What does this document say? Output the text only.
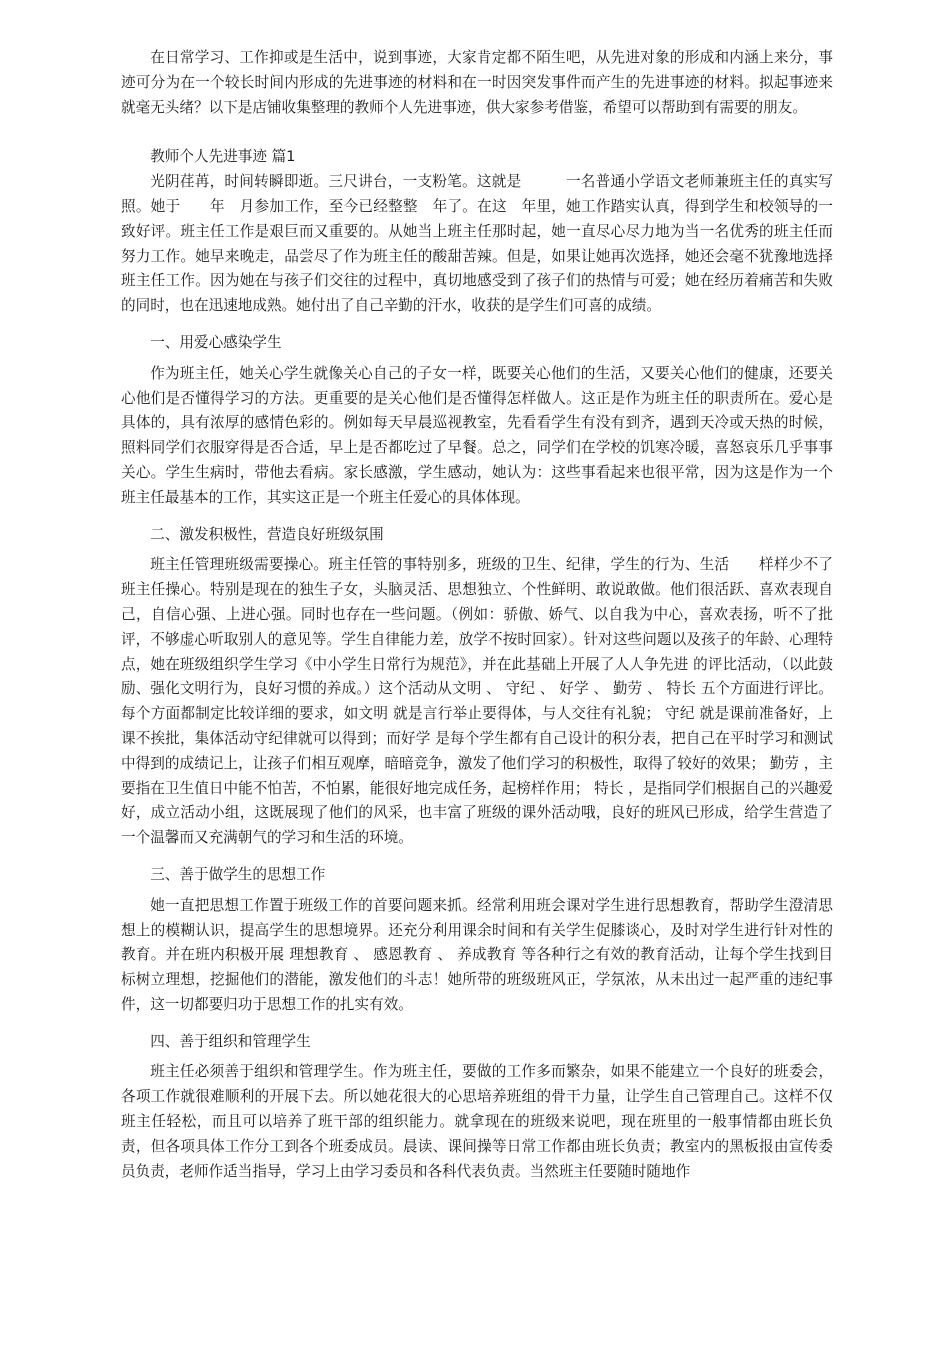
在日常学习、工作抑或是生活中，说到事迹，大家肯定都不陌生吧，从先进对象的形成和内涵上来分，事迹可分为在一个较长时间内形成的先进事迹的材料和在一时因突发事件而产生的先进事迹的材料。拟起事迹来就毫无头绪？以下是店铺收集整理的教师个人先进事迹，供大家参考借鉴，希望可以帮助到有需要的朋友。

教师个人先进事迹 篇1

光阴荏苒，时间转瞬即逝。三尺讲台，一支粉笔。这就是　　　一名普通小学语文老师兼班主任的真实写照。她于　　年　月参加工作，至今已经整整　年了。在这　年里，她工作踏实认真，得到学生和校领导的一致好评。班主任工作是艰巨而又重要的。从她当上班主任那时起，她一直尽心尽力地为当一名优秀的班主任而努力工作。她早来晚走，品尝尽了作为班主任的酸甜苦辣。但是，如果让她再次选择，她还会毫不犹豫地选择班主任工作。因为她在与孩子们交往的过程中，真切地感受到了孩子们的热情与可爱；她在经历着痛苦和失败的同时，也在迅速地成熟。她付出了自己辛勤的汗水，收获的是学生们可喜的成绩。

一、用爱心感染学生

作为班主任，她关心学生就像关心自己的子女一样，既要关心他们的生活，又要关心他们的健康，还要关心他们是否懂得学习的方法。更重要的是关心他们是否懂得怎样做人。这正是作为班主任的职责所在。爱心是具体的，具有浓厚的感情色彩的。例如每天早晨巡视教室，先看看学生有没有到齐，遇到天冷或天热的时候，照料同学们衣服穿得是否合适，早上是否都吃过了早餐。总之，同学们在学校的饥寒冷暖，喜怒哀乐几乎事事关心。学生生病时，带他去看病。家长感激，学生感动，她认为：这些事看起来也很平常，因为这是作为一个班主任最基本的工作，其实这正是一个班主任爱心的具体体现。

二、激发积极性，营造良好班级氛围

班主任管理班级需要操心。班主任管的事特别多，班级的卫生、纪律，学生的行为、生活　　样样少不了班主任操心。特别是现在的独生子女，头脑灵活、思想独立、个性鲜明、敢说敢做。他们很活跃、喜欢表现自己，自信心强、上进心强。同时也存在一些问题。（例如：骄傲、娇气、以自我为中心，喜欢表扬，听不了批评，不够虚心听取别人的意见等。学生自律能力差，放学不按时回家）。针对这些问题以及孩子的年龄、心理特点，她在班级组织学生学习《中小学生日常行为规范》，并在此基础上开展了人人争先进 的评比活动，（以此鼓励、强化文明行为，良好习惯的养成。）这个活动从文明 、 守纪 、 好学 、 勤劳 、 特长 五个方面进行评比。每个方面都制定比较详细的要求，如文明 就是言行举止要得体，与人交往有礼貌； 守纪 就是课前准备好，上课不挨批，集体活动守纪律就可以得到；而好学 是每个学生都有自己设计的积分表，把自己在平时学习和测试中得到的成绩记上，让孩子们相互观摩，暗暗竞争，激发了他们学习的积极性，取得了较好的效果； 勤劳 ，主要指在卫生值日中能不怕苦，不怕累，能很好地完成任务，起榜样作用； 特长 ，是指同学们根据自己的兴趣爱好，成立活动小组，这既展现了他们的风采，也丰富了班级的课外活动哦，良好的班风已形成，给学生营造了一个温馨而又充满朝气的学习和生活的环境。

三、善于做学生的思想工作

她一直把思想工作置于班级工作的首要问题来抓。经常利用班会课对学生进行思想教育，帮助学生澄清思想上的模糊认识，提高学生的思想境界。还充分利用课余时间和有关学生促膝谈心，及时对学生进行针对性的教育。并在班内积极开展 理想教育 、 感恩教育 、 养成教育 等各种行之有效的教育活动，让每个学生找到目标树立理想，挖掘他们的潜能，激发他们的斗志！她所带的班级班风正，学氛浓，从未出过一起严重的违纪事件，这一切都要归功于思想工作的扎实有效。

四、善于组织和管理学生

班主任必须善于组织和管理学生。作为班主任，要做的工作多而繁杂，如果不能建立一个良好的班委会，各项工作就很难顺利的开展下去。所以她花很大的心思培养班组的骨干力量，让学生自己管理自己。这样不仅班主任轻松，而且可以培养了班干部的组织能力。就拿现在的班级来说吧，现在班里的一般事情都由班长负责，但各项具体工作分工到各个班委成员。晨读、课间操等日常工作都由班长负责；教室内的黑板报由宣传委员负责，老师作适当指导，学习上由学习委员和各科代表负责。当然班主任要随时随地作
